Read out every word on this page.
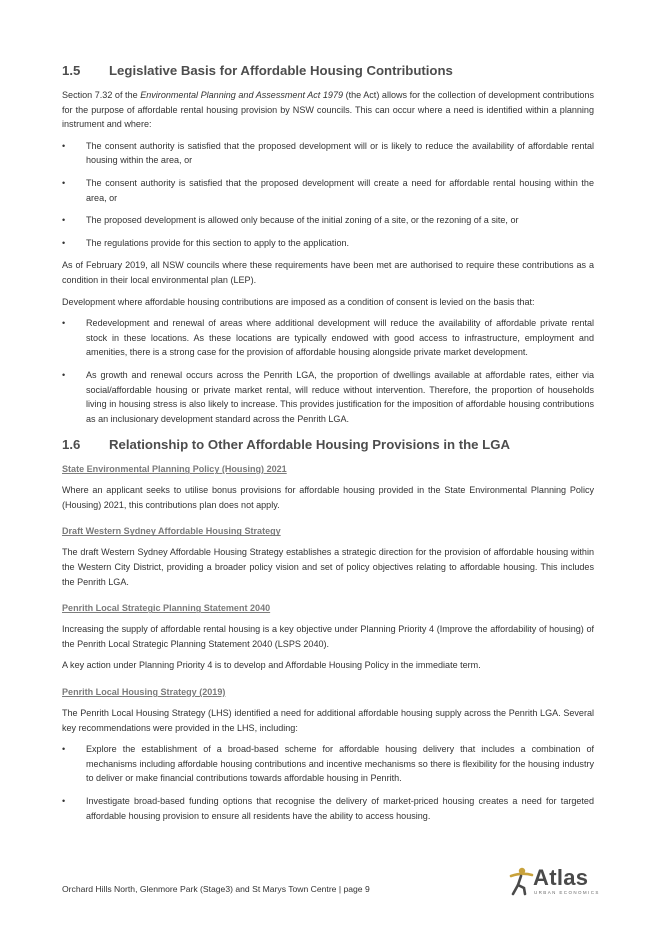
1.5	Legislative Basis for Affordable Housing Contributions

Section 7.32 of the Environmental Planning and Assessment Act 1979 (the Act) allows for the collection of development contributions for the purpose of affordable rental housing provision by NSW councils. This can occur where a need is identified within a planning instrument and where:

• The consent authority is satisfied that the proposed development will or is likely to reduce the availability of affordable rental housing within the area, or
• The consent authority is satisfied that the proposed development will create a need for affordable rental housing within the area, or
• The proposed development is allowed only because of the initial zoning of a site, or the rezoning of a site, or
• The regulations provide for this section to apply to the application.

As of February 2019, all NSW councils where these requirements have been met are authorised to require these contributions as a condition in their local environmental plan (LEP).

Development where affordable housing contributions are imposed as a condition of consent is levied on the basis that:

• Redevelopment and renewal of areas where additional development will reduce the availability of affordable private rental stock in these locations. As these locations are typically endowed with good access to infrastructure, employment and amenities, there is a strong case for the provision of affordable housing alongside private market development.
• As growth and renewal occurs across the Penrith LGA, the proportion of dwellings available at affordable rates, either via social/affordable housing or private market rental, will reduce without intervention. Therefore, the proportion of households living in housing stress is also likely to increase. This provides justification for the imposition of affordable housing contributions as an inclusionary development standard across the Penrith LGA.
1.6	Relationship to Other Affordable Housing Provisions in the LGA

State Environmental Planning Policy (Housing) 2021

Where an applicant seeks to utilise bonus provisions for affordable housing provided in the State Environmental Planning Policy (Housing) 2021, this contributions plan does not apply.

Draft Western Sydney Affordable Housing Strategy

The draft Western Sydney Affordable Housing Strategy establishes a strategic direction for the provision of affordable housing within the Western City District, providing a broader policy vision and set of policy objectives relating to affordable housing. This includes the Penrith LGA.

Penrith Local Strategic Planning Statement 2040

Increasing the supply of affordable rental housing is a key objective under Planning Priority 4 (Improve the affordability of housing) of the Penrith Local Strategic Planning Statement 2040 (LSPS 2040).

A key action under Planning Priority 4 is to develop and Affordable Housing Policy in the immediate term.

Penrith Local Housing Strategy (2019)

The Penrith Local Housing Strategy (LHS) identified a need for additional affordable housing supply across the Penrith LGA. Several key recommendations were provided in the LHS, including:

• Explore the establishment of a broad-based scheme for affordable housing delivery that includes a combination of mechanisms including affordable housing contributions and incentive mechanisms so there is flexibility for the housing industry to deliver or make financial contributions towards affordable housing in Penrith.
• Investigate broad-based funding options that recognise the delivery of market-priced housing creates a need for targeted affordable housing provision to ensure all residents have the ability to access housing.
Orchard Hills North, Glenmore Park (Stage3) and St Marys Town Centre | page 9	Atlas
URBAN ECONOMICS
